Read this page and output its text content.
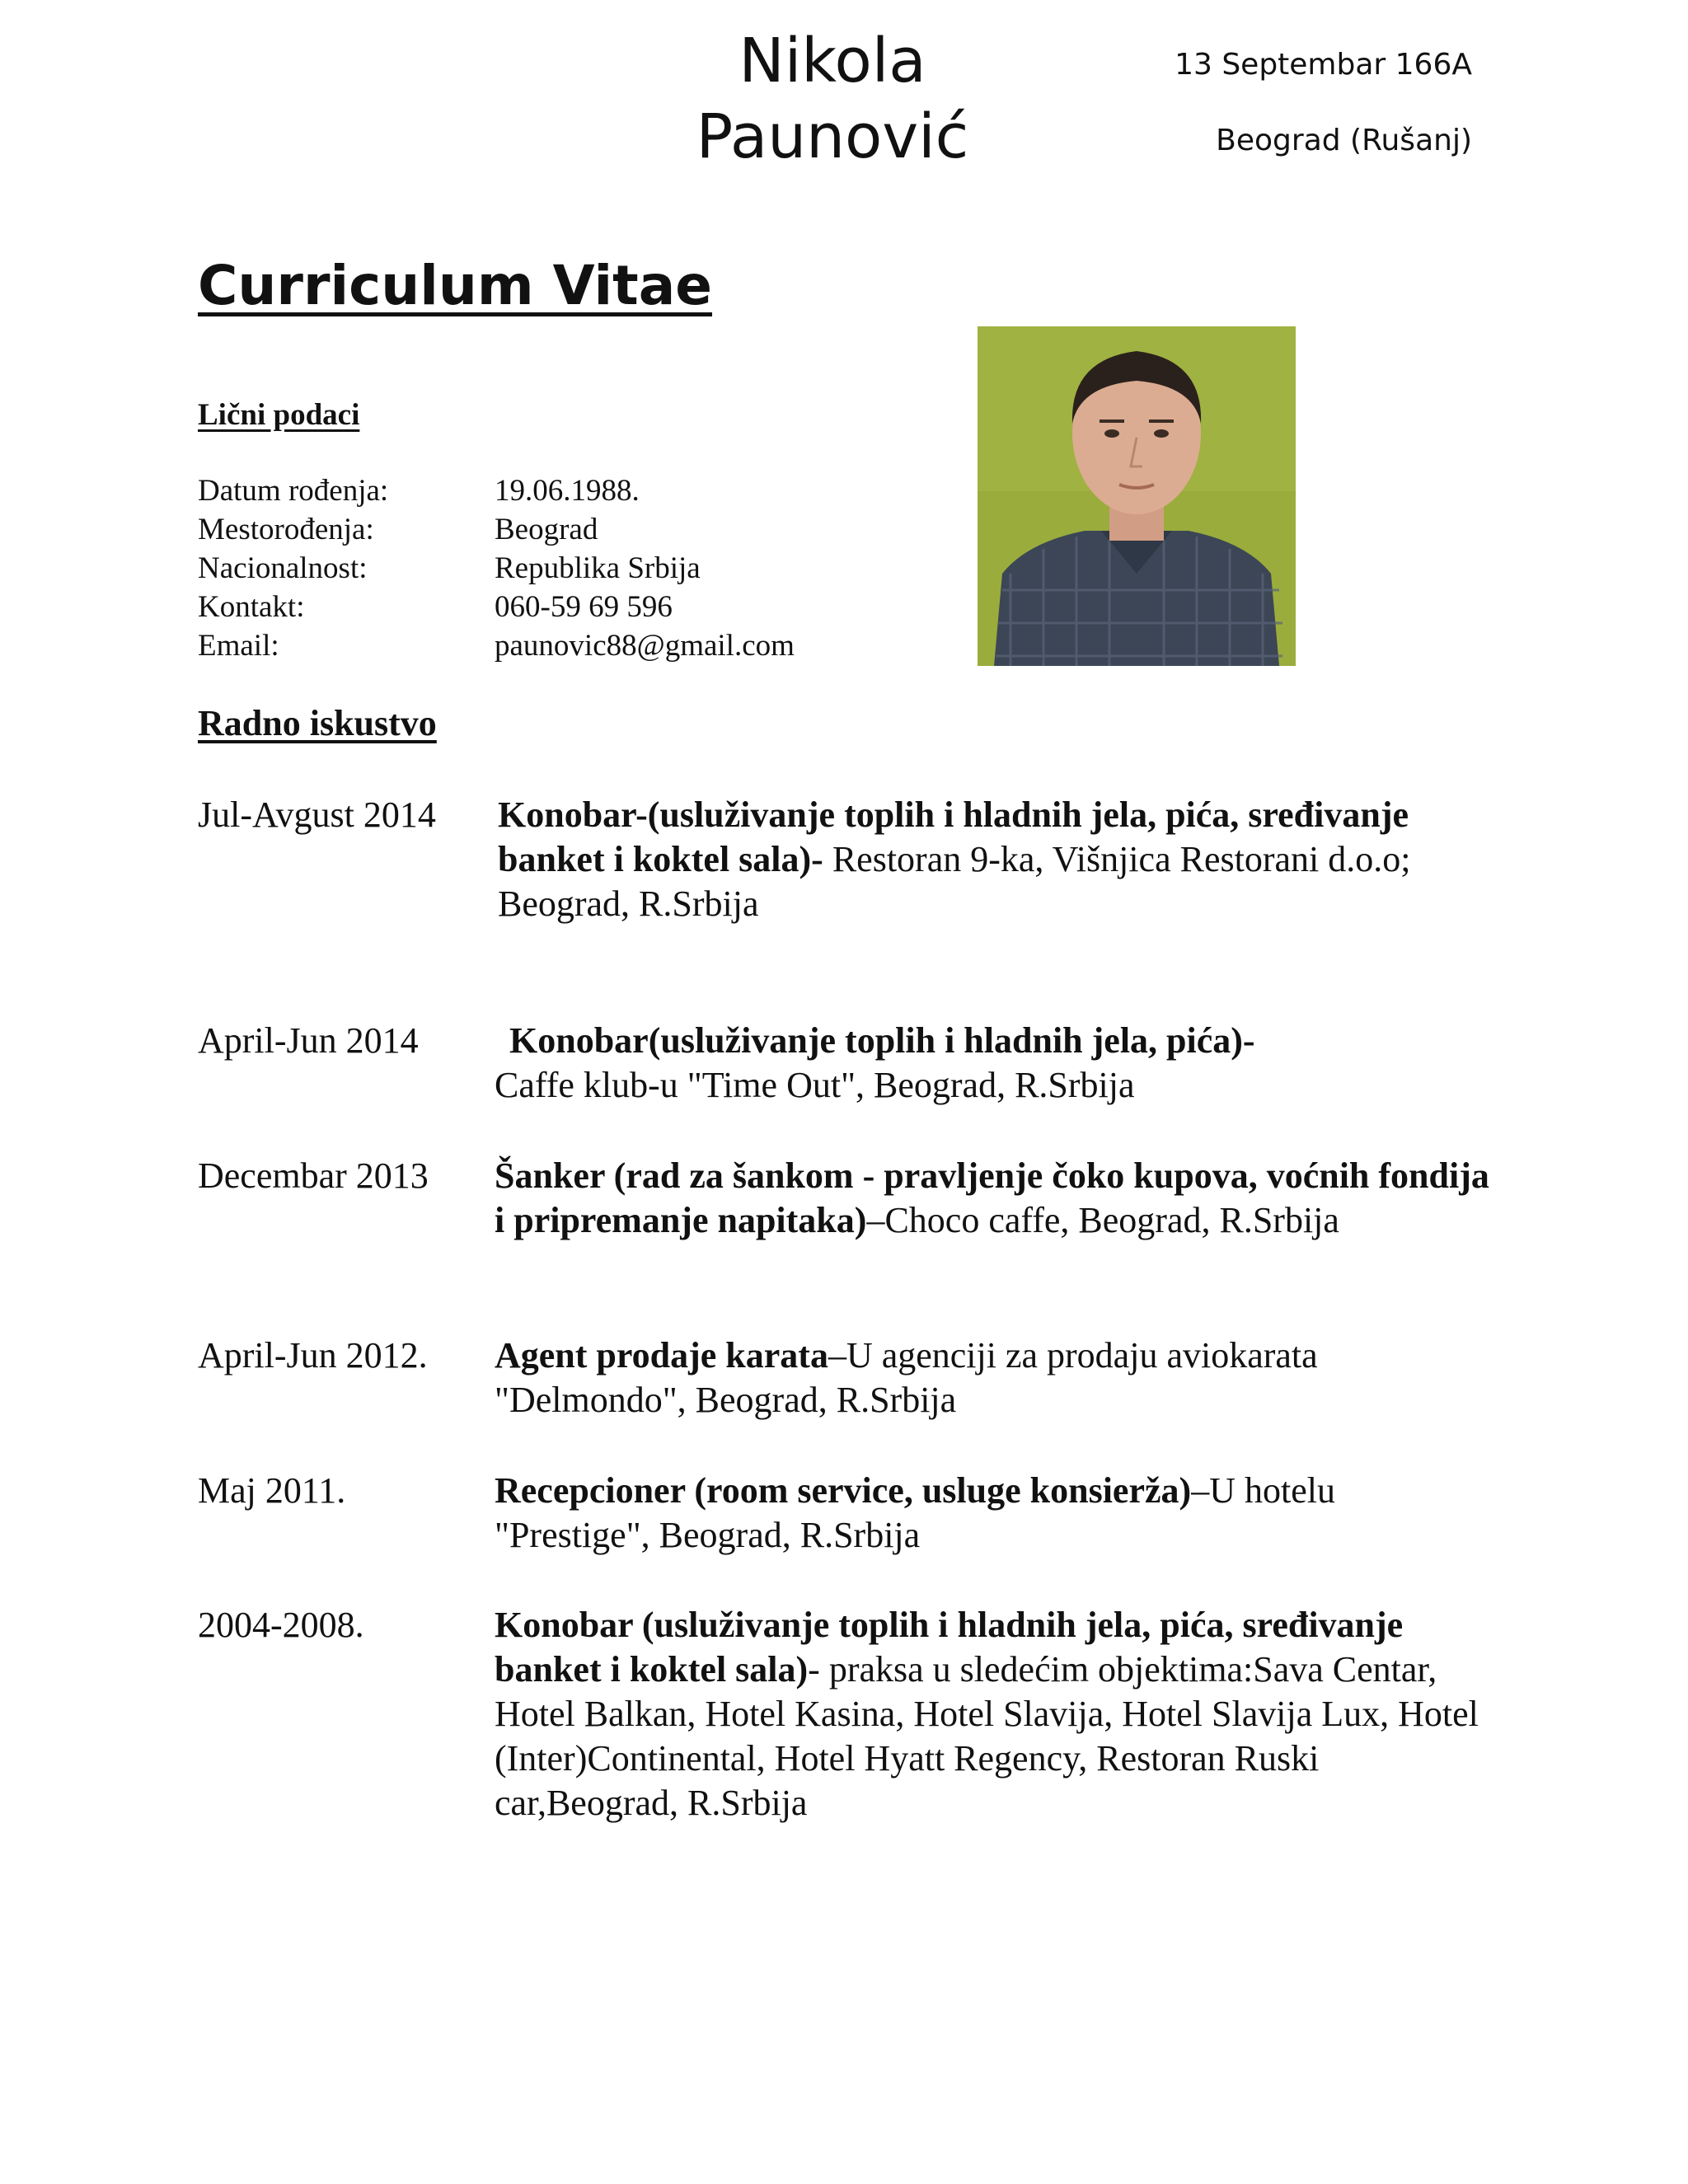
Nikola
Paunović
13 Septembar 166A
Beograd (Rušanj)
Curriculum Vitae
Lični podaci
Datum rođenja:	19.06.1988.
Mestorođenja:	Beograd
Nacionalnost:	Republika Srbija
Kontakt:	060-59 69 596
Email:	paunovic88@gmail.com
Radno iskustvo
Jul-Avgust 2014	Konobar-(usluživanje toplih i hladnih jela, pića, sređivanje banket i koktel sala)- Restoran 9-ka, Višnjica Restorani d.o.o; Beograd, R.Srbija
April-Jun 2014	Konobar(usluživanje toplih i hladnih jela, pića)-
Caffe klub-u "Time Out", Beograd, R.Srbija
Decembar 2013	Šanker (rad za šankom - pravljenje čoko kupova, voćnih fondija i pripremanje napitaka)–Choco caffe, Beograd, R.Srbija
April-Jun 2012.	Agent prodaje karata–U agenciji za prodaju aviokarata "Delmondo", Beograd, R.Srbija
Maj 2011.	Recepcioner (room service, usluge konsierža)–U hotelu "Prestige", Beograd, R.Srbija
2004-2008.	Konobar (usluživanje toplih i hladnih jela, pića, sređivanje banket i koktel sala)- praksa u sledećim objektima:Sava Centar, Hotel Balkan, Hotel Kasina, Hotel Slavija, Hotel Slavija Lux, Hotel (Inter)Continental, Hotel Hyatt Regency, Restoran Ruski car,Beograd, R.Srbija
